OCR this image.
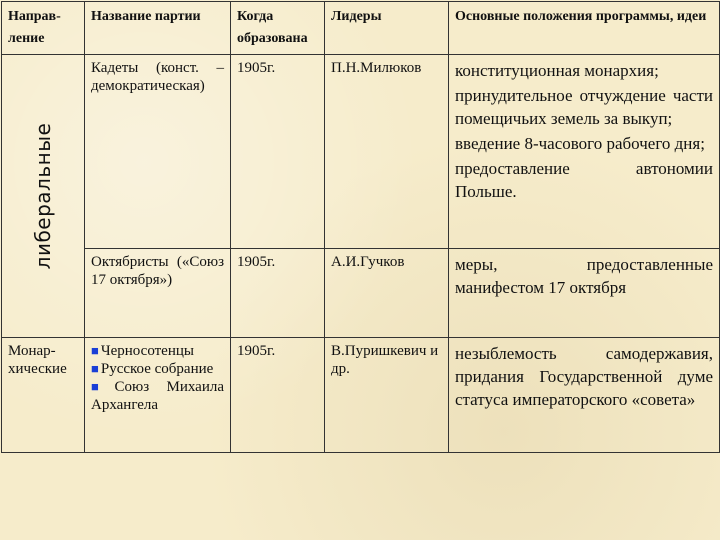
Направ-ление	Название партии	Когда образована	Лидеры	Основные положения программы, идеи

либеральные	Кадеты (конст. – демократическая)	1905г.	П.Н.Милюков	конституционная монархия;

принудительное отчуждение части помещичьих земель за выкуп;

введение 8-часового рабочего дня;

предоставление автономии Польше.

	Октябристы («Союз 17 октября»)	1905г.	А.И.Гучков	меры, предоставленные манифестом 17 октября
Монар-хические	■ Черносотенцы
■ Русское собрание
■ Союз Михаила Архангела	1905г.	В.Пуришкевич и др.	незыблемость самодержавия, придания Государственной думе статуса императорского «совета»
